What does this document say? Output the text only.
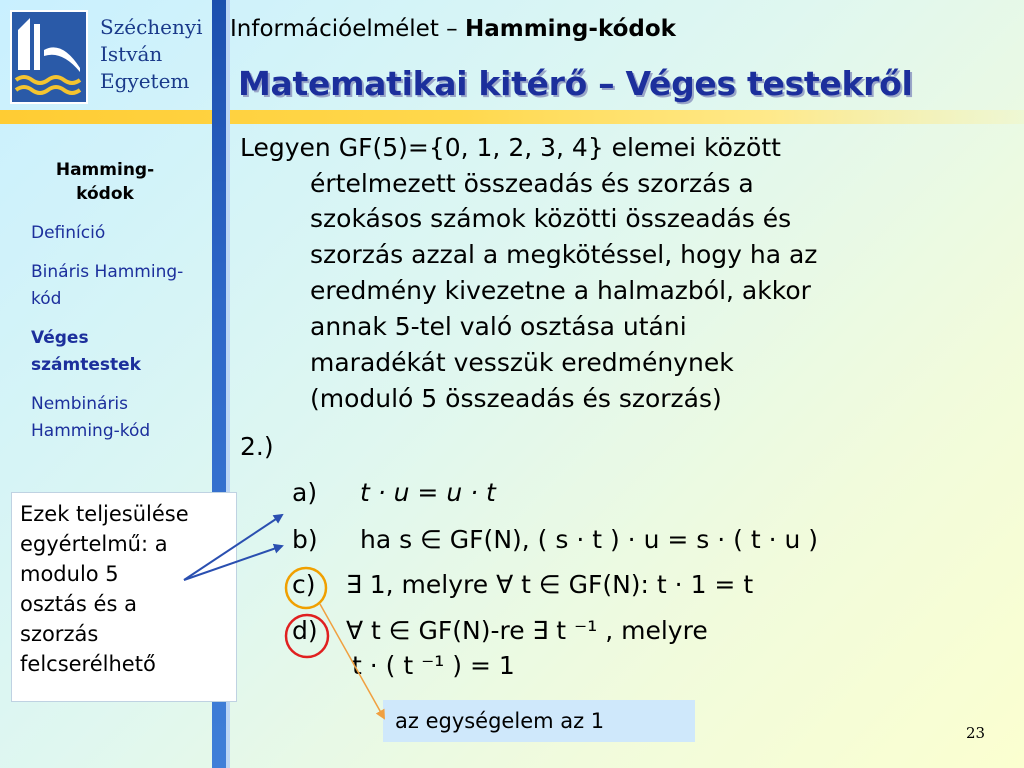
Széchenyi
István
Egyetem
Információelmélet – Hamming-kódok
Matematikai kitérő – Véges testekről
Hamming-kódok
Definíció
Bináris Hamming-kód
Véges számtestek
Nembináris Hamming-kód
Legyen GF(5)={0, 1, 2, 3, 4} elemei között
értelmezett összeadás és szorzás a
szokásos számok közötti összeadás és
szorzás azzal a megkötéssel, hogy ha az
eredmény kivezetne a halmazból, akkor
annak 5-tel való osztása utáni
maradékát vesszük eredménynek
(moduló 5 összeadás és szorzás)
2.)
a) t · u = u · t
b) ha s ∈ GF(N), ( s · t ) · u = s · ( t · u )
c) ∃ 1, melyre ∀ t ∈ GF(N): t · 1 = t
d) ∀ t ∈ GF(N)-re ∃ t ⁻¹ , melyre
t · ( t ⁻¹ ) = 1
Ezek teljesülése
egyértelmű: a
modulo 5
osztás és a
szorzás
felcserélhető
az egységelem az 1	23
